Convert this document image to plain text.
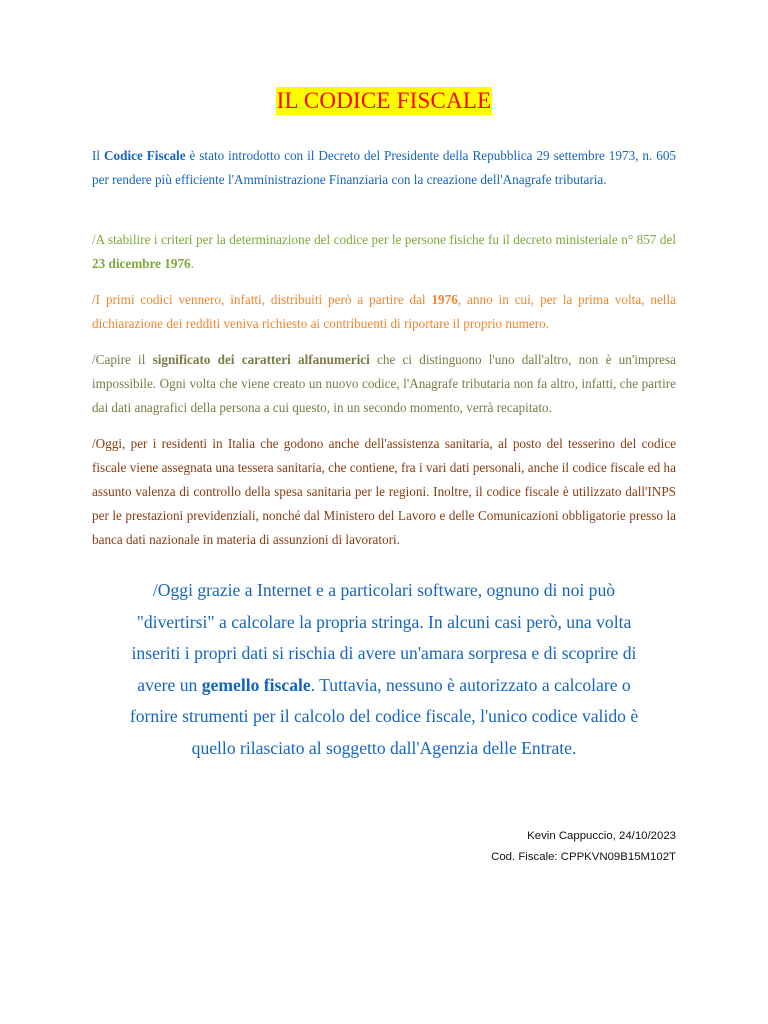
IL CODICE FISCALE

Il Codice Fiscale è stato introdotto con il Decreto del Presidente della Repubblica 29 settembre 1973, n. 605 per rendere più efficiente l'Amministrazione Finanziaria con la creazione dell'Anagrafe tributaria.

/A stabilire i criteri per la determinazione del codice per le persone fisiche fu il decreto ministeriale n° 857 del 23 dicembre 1976.

/I primi codici vennero, infatti, distribuiti però a partire dal 1976, anno in cui, per la prima volta, nella dichiarazione dei redditi veniva richiesto ai contribuenti di riportare il proprio numero.

/Capire il significato dei caratteri alfanumerici che ci distinguono l'uno dall'altro, non è un'impresa impossibile. Ogni volta che viene creato un nuovo codice, l'Anagrafe tributaria non fa altro, infatti, che partire dai dati anagrafici della persona a cui questo, in un secondo momento, verrà recapitato.

/Oggi, per i residenti in Italia che godono anche dell'assistenza sanitaria, al posto del tesserino del codice fiscale viene assegnata una tessera sanitaria, che contiene, fra i vari dati personali, anche il codice fiscale ed ha assunto valenza di controllo della spesa sanitaria per le regioni. Inoltre, il codice fiscale è utilizzato dall'INPS per le prestazioni previdenziali, nonché dal Ministero del Lavoro e delle Comunicazioni obbligatorie presso la banca dati nazionale in materia di assunzioni di lavoratori.

/Oggi grazie a Internet e a particolari software, ognuno di noi può "divertirsi" a calcolare la propria stringa. In alcuni casi però, una volta inseriti i propri dati si rischia di avere un'amara sorpresa e di scoprire di avere un gemello fiscale. Tuttavia, nessuno è autorizzato a calcolare o fornire strumenti per il calcolo del codice fiscale, l'unico codice valido è quello rilasciato al soggetto dall'Agenzia delle Entrate.

Kevin Cappuccio, 24/10/2023
Cod. Fiscale: CPPKVN09B15M102T
